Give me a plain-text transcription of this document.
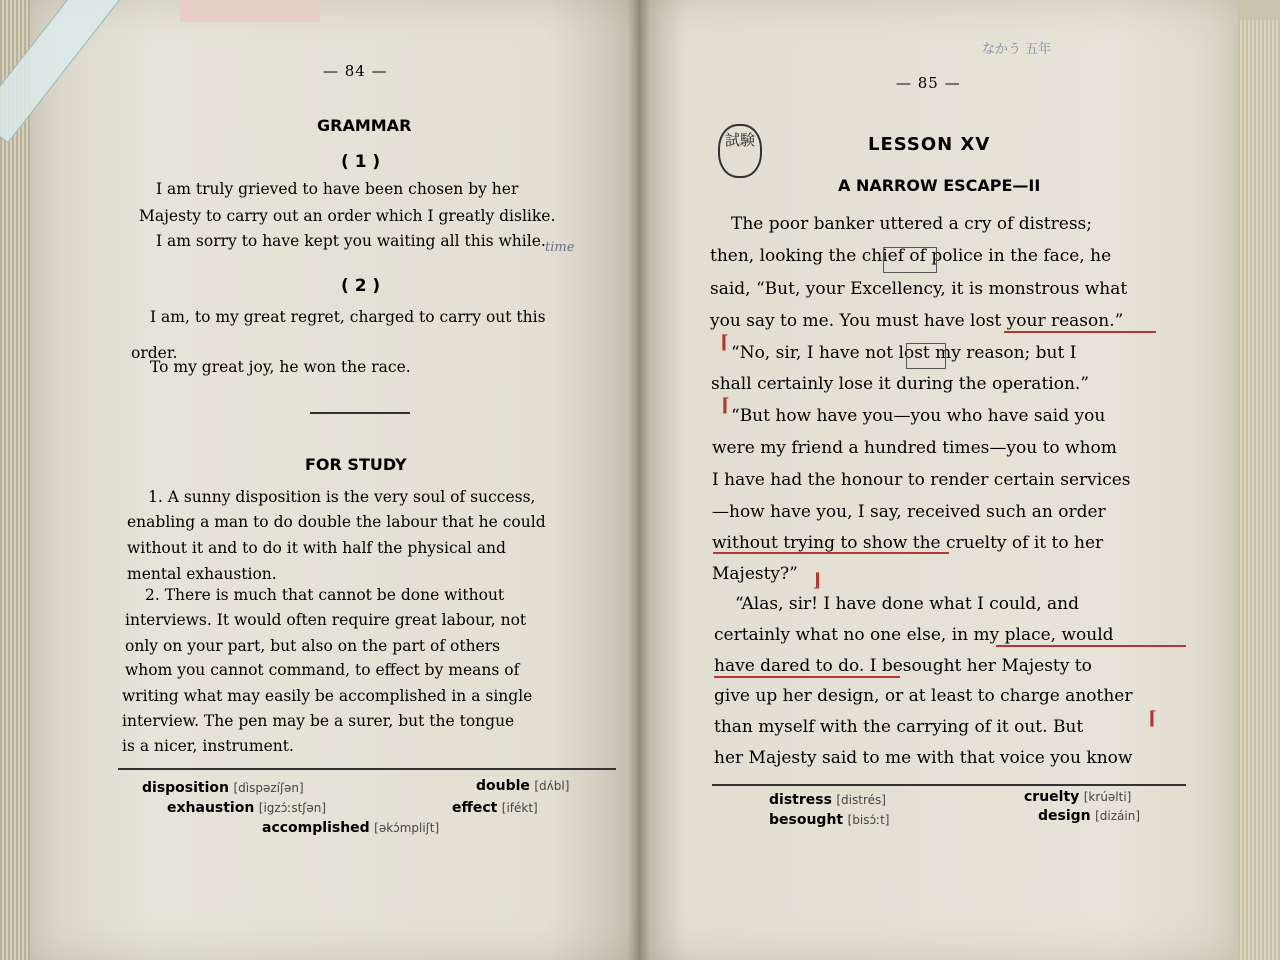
— 84 —
GRAMMAR
( 1 )
I am truly grieved to have been chosen by her
Majesty to carry out an order which I greatly dislike.
I am sorry to have kept you waiting all this while. time
( 2 )
I am, to my great regret, charged to carry out this
order.
To my great joy, he won the race.
FOR STUDY
1. A sunny disposition is the very soul of success,
enabling a man to do double the labour that he could
without it and to do it with half the physical and
mental exhaustion.
2. There is much that cannot be done without
interviews. It would often require great labour, not
only on your part, but also on the part of others
whom you cannot command, to effect by means of
writing what may easily be accomplished in a single
interview. The pen may be a surer, but the tongue
is a nicer, instrument.
disposition [dìspəzíʃən]	double [dʌ́bl]
exhaustion [igzɔ́ːstʃən]	effect [ifékt]
accomplished [əkɔ́mpliʃt]
— 85 —
なかう 五年
試験	LESSON XV
A NARROW ESCAPE—II
The poor banker uttered a cry of distress;
then, looking the chief of police in the face, he
said, “But, your Excellency, it is monstrous what
you say to me. You must have lost your reason.”
“No, sir, I have not lost my reason; but I
shall certainly lose it during the operation.”
“But how have you—you who have said you
were my friend a hundred times—you to whom
I have had the honour to render certain services
—how have you, I say, received such an order
without trying to show the cruelty of it to her
Majesty?”
“Alas, sir! I have done what I could, and
certainly what no one else, in my place, would
have dared to do. I besought her Majesty to
give up her design, or at least to charge another
than myself with the carrying of it out. But
her Majesty said to me with that voice you know
⌈
⌈
⌈
⌋
distress [distrés]	cruelty [krúəlti]
besought [bisɔ́ːt]	design [dizáin]
